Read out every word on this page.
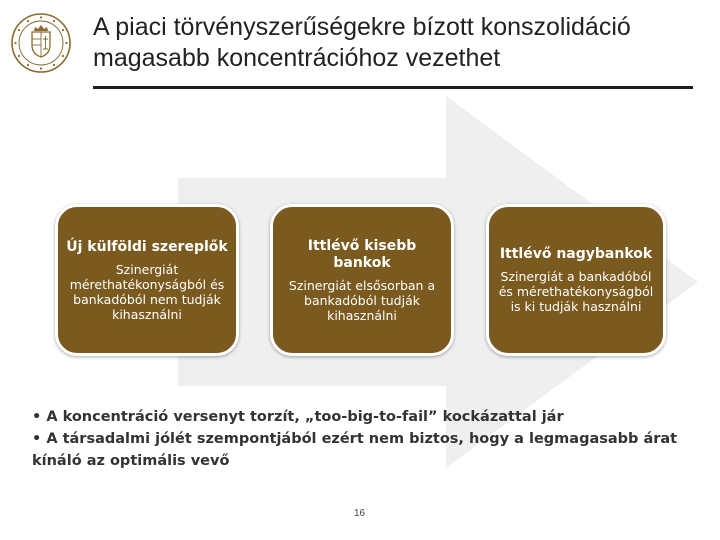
A piaci törvényszerűségekre bízott konszolidáció
magasabb koncentrációhoz vezethet
Új külföldi szereplők
Szinergiát mérethatékonyságból és bankadóból nem tudják kihasználni
Ittlévő kisebb bankok
Szinergiát elsősorban a bankadóból tudják kihasználni
Ittlévő nagybankok
Szinergiát a bankadóból és mérethatékonyságból is ki tudják használni
• A koncentráció versenyt torzít, „too-big-to-fail” kockázattal jár
• A társadalmi jólét szempontjából ezért nem biztos, hogy a legmagasabb árat
kínáló az optimális vevő
16
